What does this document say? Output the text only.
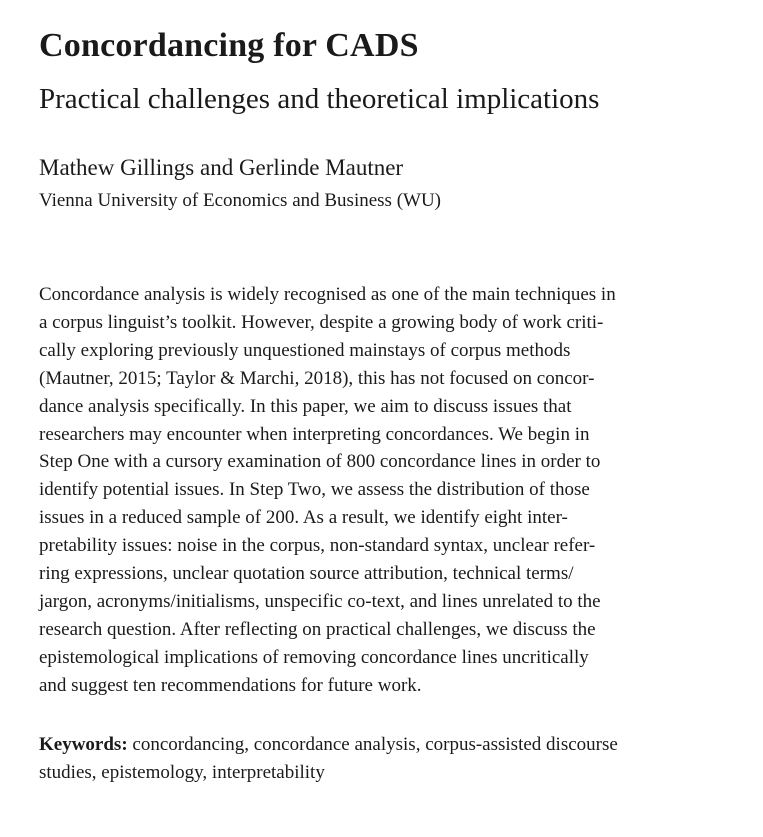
Concordancing for CADS
Practical challenges and theoretical implications

Mathew Gillings and Gerlinde Mautner

Vienna University of Economics and Business (WU)

Concordance analysis is widely recognised as one of the main techniques in
a corpus linguist’s toolkit. However, despite a growing body of work criti-
cally exploring previously unquestioned mainstays of corpus methods
(Mautner, 2015; Taylor & Marchi, 2018), this has not focused on concor-
dance analysis specifically. In this paper, we aim to discuss issues that
researchers may encounter when interpreting concordances. We begin in
Step One with a cursory examination of 800 concordance lines in order to
identify potential issues. In Step Two, we assess the distribution of those
issues in a reduced sample of 200. As a result, we identify eight inter-
pretability issues: noise in the corpus, non-standard syntax, unclear refer-
ring expressions, unclear quotation source attribution, technical terms/
jargon, acronyms/initialisms, unspecific co-text, and lines unrelated to the
research question. After reflecting on practical challenges, we discuss the
epistemological implications of removing concordance lines uncritically
and suggest ten recommendations for future work.

Keywords: concordancing, concordance analysis, corpus-assisted discourse
studies, epistemology, interpretability
